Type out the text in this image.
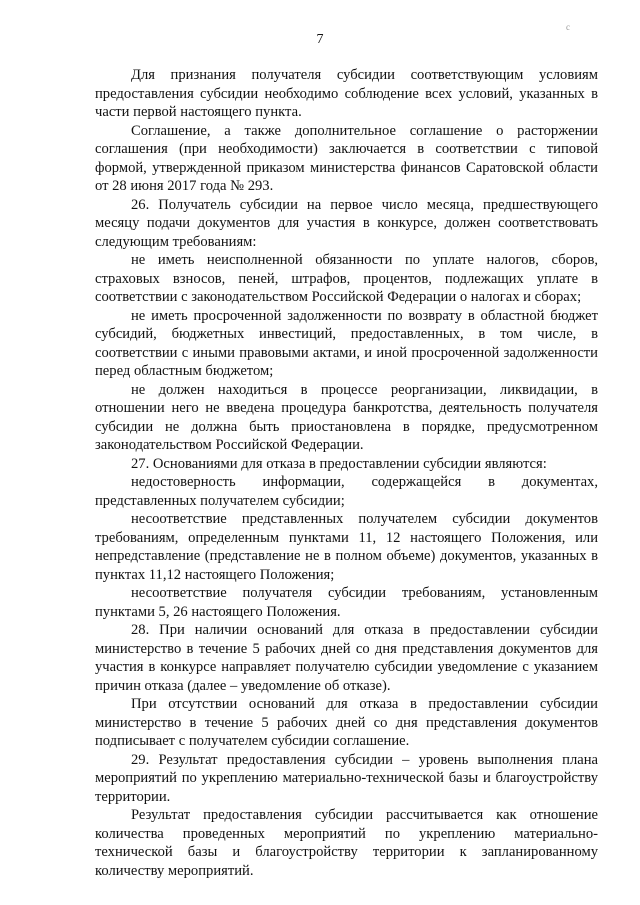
с
7

Для признания получателя субсидии соответствующим условиям предоставления субсидии необходимо соблюдение всех условий, указанных в части первой настоящего пункта.

Соглашение, а также дополнительное соглашение о расторжении соглашения (при необходимости) заключается в соответствии с типовой формой, утвержденной приказом министерства финансов Саратовской области от 28 июня 2017 года № 293.

26. Получатель субсидии на первое число месяца, предшествующего месяцу подачи документов для участия в конкурсе, должен соответствовать следующим требованиям:

не иметь неисполненной обязанности по уплате налогов, сборов, страховых взносов, пеней, штрафов, процентов, подлежащих уплате в соответствии с законодательством Российской Федерации о налогах и сборах;

не иметь просроченной задолженности по возврату в областной бюджет субсидий, бюджетных инвестиций, предоставленных, в том числе, в соответствии с иными правовыми актами, и иной просроченной задолженности перед областным бюджетом;

не должен находиться в процессе реорганизации, ликвидации, в отношении него не введена процедура банкротства, деятельность получателя субсидии не должна быть приостановлена в порядке, предусмотренном законодательством Российской Федерации.

27. Основаниями для отказа в предоставлении субсидии являются:

недостоверность информации, содержащейся в документах, представленных получателем субсидии;

несоответствие представленных получателем субсидии документов требованиям, определенным пунктами 11, 12 настоящего Положения, или непредставление (представление не в полном объеме) документов, указанных в пунктах 11,12 настоящего Положения;

несоответствие получателя субсидии требованиям, установленным пунктами 5, 26 настоящего Положения.

28. При наличии оснований для отказа в предоставлении субсидии министерство в течение 5 рабочих дней со дня представления документов для участия в конкурсе направляет получателю субсидии уведомление с указанием причин отказа (далее – уведомление об отказе).

При отсутствии оснований для отказа в предоставлении субсидии министерство в течение 5 рабочих дней со дня представления документов подписывает с получателем субсидии соглашение.

29. Результат предоставления субсидии – уровень выполнения плана мероприятий по укреплению материально-технической базы и благоустройству территории.

Результат предоставления субсидии рассчитывается как отношение количества проведенных мероприятий по укреплению материально-технической базы и благоустройству территории к запланированному количеству мероприятий.
